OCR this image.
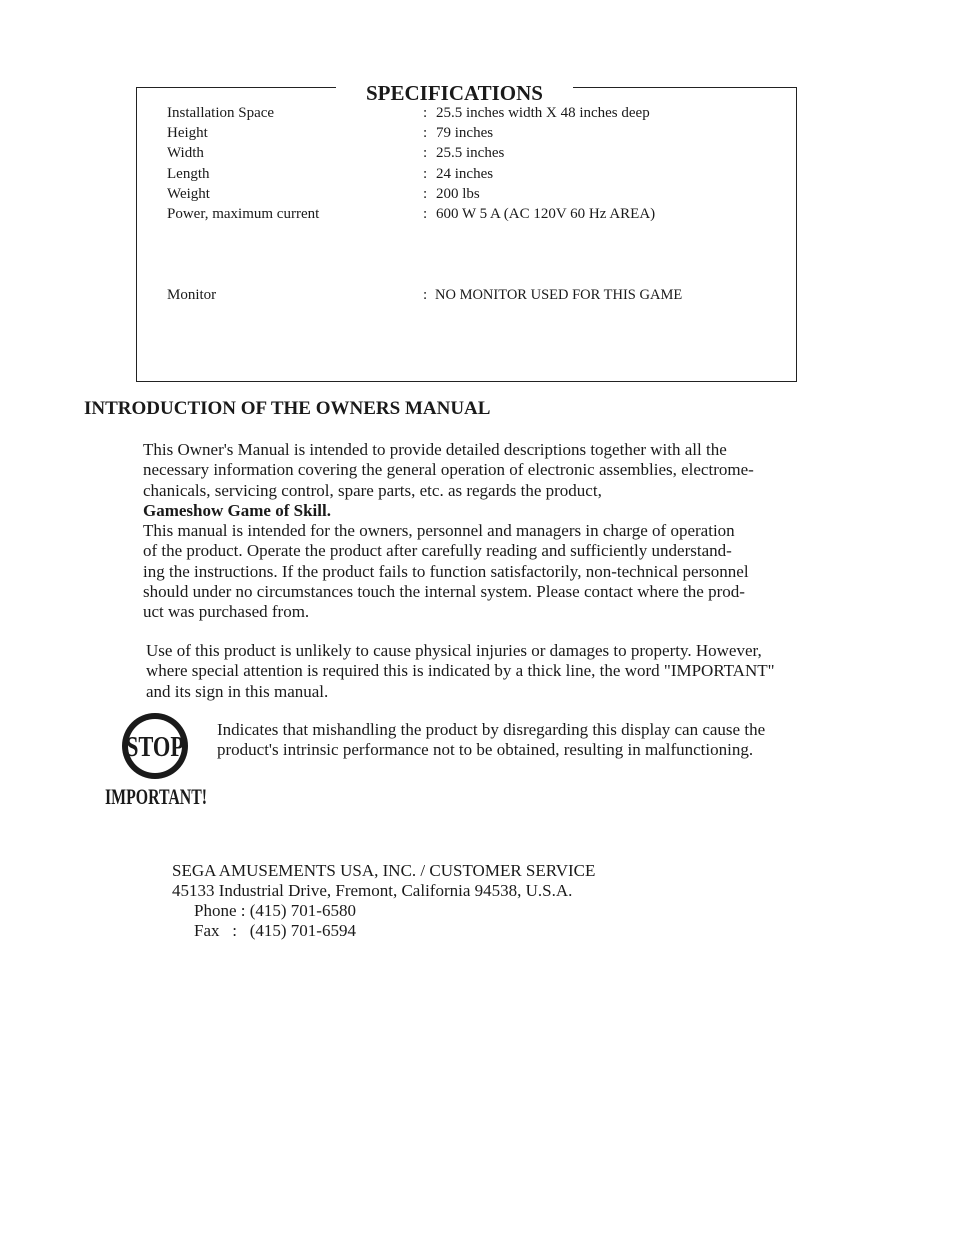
SPECIFICATIONS
Installation Space	: 25.5 inches width X 48 inches deep
Height	: 79 inches
Width	: 25.5 inches
Length	: 24 inches
Weight	: 200 lbs
Power, maximum current	: 600 W 5 A (AC 120V 60 Hz AREA)
Monitor	: NO MONITOR USED FOR THIS GAME
INTRODUCTION OF THE OWNERS MANUAL
This Owner's Manual is intended to provide detailed descriptions together with all the
necessary information covering the general operation of electronic assemblies, electrome-
chanicals, servicing control, spare parts, etc. as regards the product,
Gameshow Game of Skill.
This manual is intended for the owners, personnel and managers in charge of operation
of the product. Operate the product after carefully reading and sufficiently understand-
ing the instructions. If the product fails to function satisfactorily, non-technical personnel
should under no circumstances touch the internal system. Please contact where the prod-
uct was purchased from.
Use of this product is unlikely to cause physical injuries or damages to property. However,
where special attention is required this is indicated by a thick line, the word "IMPORTANT"
and its sign in this manual.
STOP
IMPORTANT!
Indicates that mishandling the product by disregarding this display can cause the
product's intrinsic performance not to be obtained, resulting in malfunctioning.
SEGA AMUSEMENTS USA, INC. / CUSTOMER SERVICE
45133 Industrial Drive, Fremont, California 94538, U.S.A.
Phone : (415) 701-6580
Fax   :   (415) 701-6594
